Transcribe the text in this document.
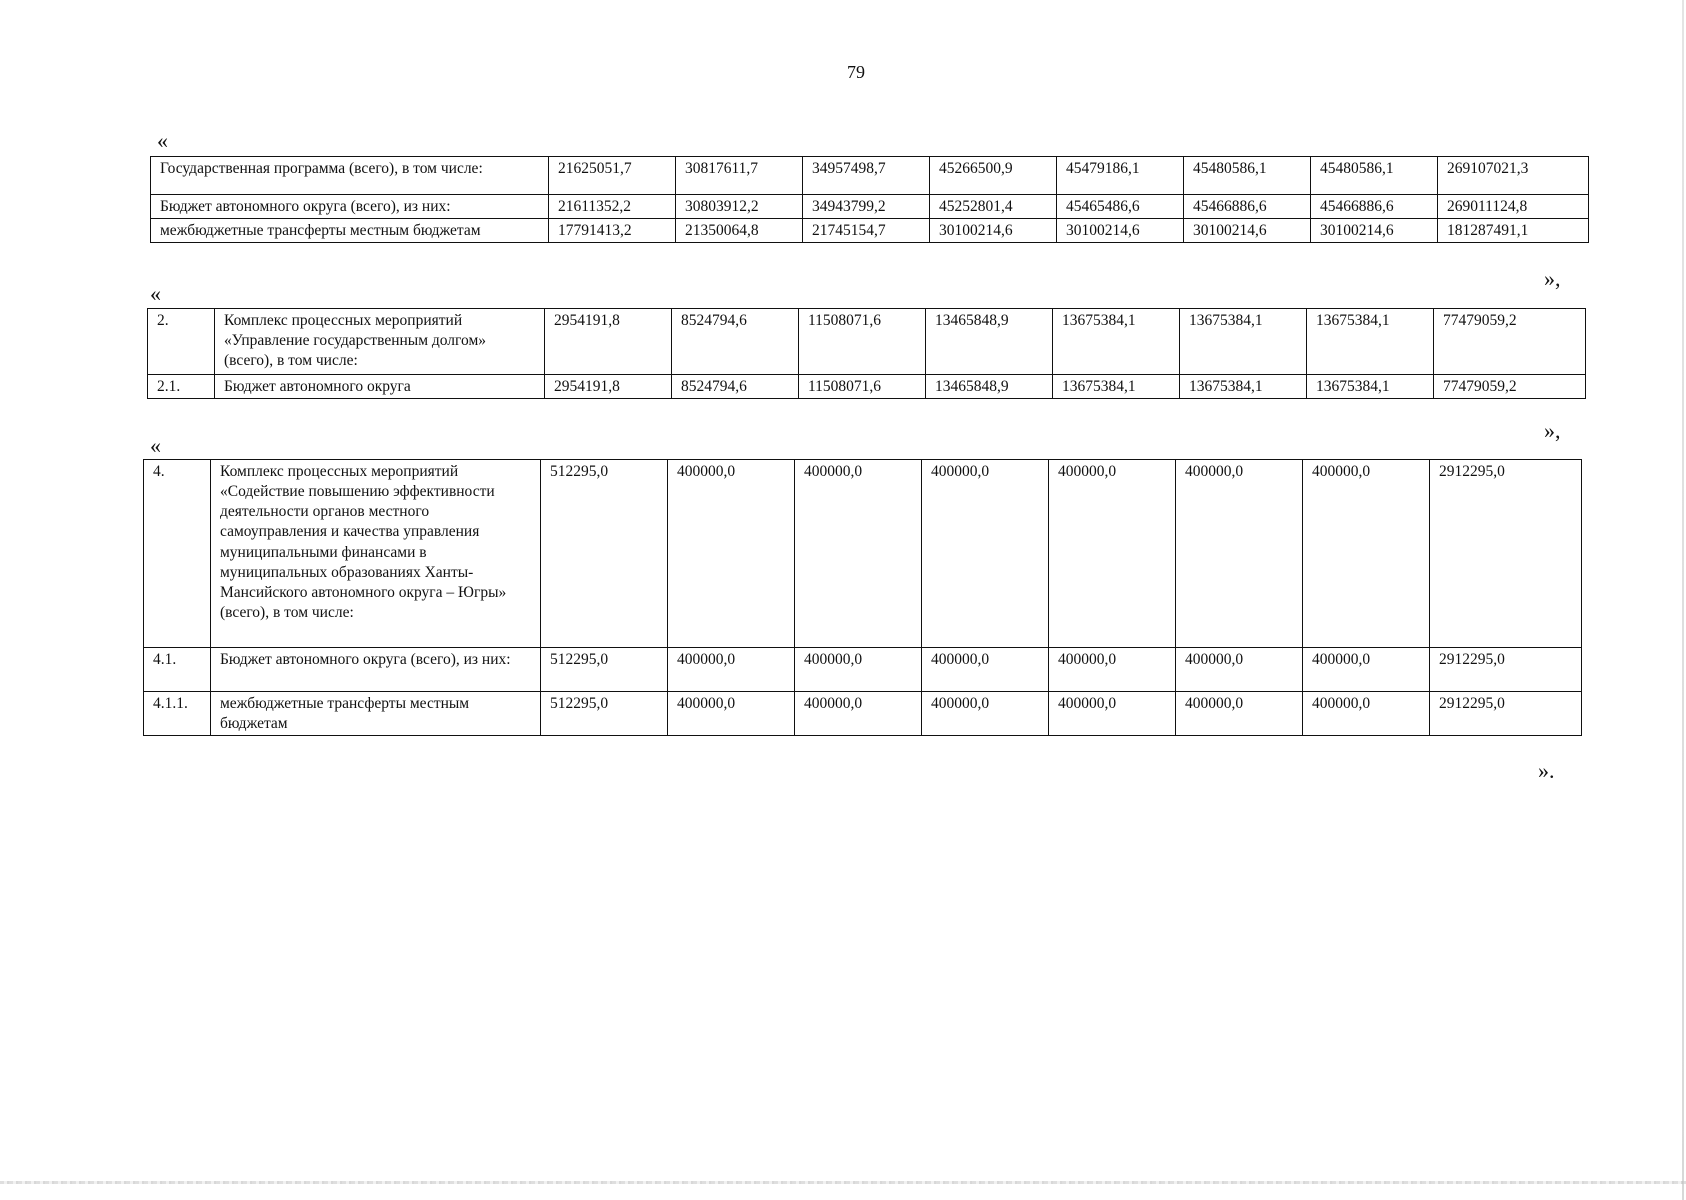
79
«
Государственная программа (всего), в том числе:	21625051,7	30817611,7	34957498,7	45266500,9	45479186,1	45480586,1	45480586,1	269107021,3
Бюджет автономного округа (всего), из них:	21611352,2	30803912,2	34943799,2	45252801,4	45465486,6	45466886,6	45466886,6	269011124,8
межбюджетные трансферты местным бюджетам	17791413,2	21350064,8	21745154,7	30100214,6	30100214,6	30100214,6	30100214,6	181287491,1
»,
«
2.	Комплекс процессных мероприятий «Управление государственным долгом» (всего), в том числе:	2954191,8	8524794,6	11508071,6	13465848,9	13675384,1	13675384,1	13675384,1	77479059,2
2.1.	Бюджет автономного округа	2954191,8	8524794,6	11508071,6	13465848,9	13675384,1	13675384,1	13675384,1	77479059,2
»,
«
4.	Комплекс процессных мероприятий «Содействие повышению эффективности деятельности органов местного самоуправления и качества управления муниципальными финансами в муниципальных образованиях Ханты-Мансийского автономного округа – Югры» (всего), в том числе:	512295,0	400000,0	400000,0	400000,0	400000,0	400000,0	400000,0	2912295,0
4.1.	Бюджет автономного округа (всего), из них:	512295,0	400000,0	400000,0	400000,0	400000,0	400000,0	400000,0	2912295,0
4.1.1.	межбюджетные трансферты местным бюджетам	512295,0	400000,0	400000,0	400000,0	400000,0	400000,0	400000,0	2912295,0
».
